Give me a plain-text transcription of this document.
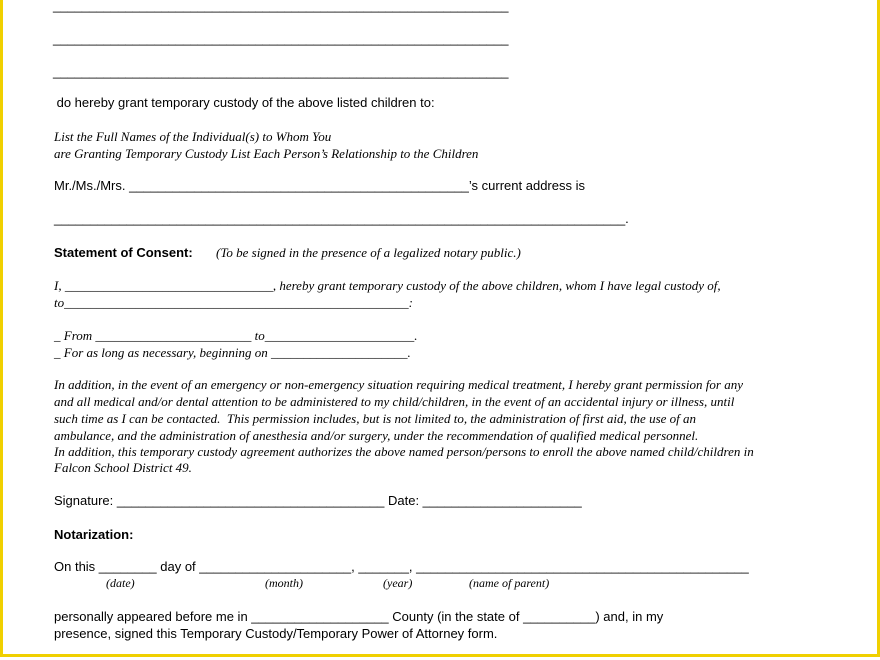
_______________________________________________________________
_______________________________________________________________
_______________________________________________________________
do hereby grant temporary custody of the above listed children to:
List the Full Names of the Individual(s) to Whom You
are Granting Temporary Custody List Each Person’s Relationship to the Children
Mr./Ms./Mrs. _______________________________________________’s current address is
_______________________________________________________________________________.
Statement of Consent: (To be signed in the presence of a legalized notary public.)
I, ________________________________, hereby grant temporary custody of the above children, whom I have legal custody of,
to_____________________________________________________:
_ From ________________________ to_______________________.
_ For as long as necessary, beginning on _____________________.
In addition, in the event of an emergency or non-emergency situation requiring medical treatment, I hereby grant permission for any
and all medical and/or dental attention to be administered to my child/children, in the event of an accidental injury or illness, until
such time as I can be contacted.  This permission includes, but is not limited to, the administration of first aid, the use of an
ambulance, and the administration of anesthesia and/or surgery, under the recommendation of qualified medical personnel.
In addition, this temporary custody agreement authorizes the above named person/persons to enroll the above named child/children in
Falcon School District 49.
Signature: _____________________________________ Date: ______________________
Notarization:
On this ________ day of _____________________, _______, ______________________________________________
(date)	(month)	(year)	(name of parent)
personally appeared before me in ___________________ County (in the state of __________) and, in my
presence, signed this Temporary Custody/Temporary Power of Attorney form.
